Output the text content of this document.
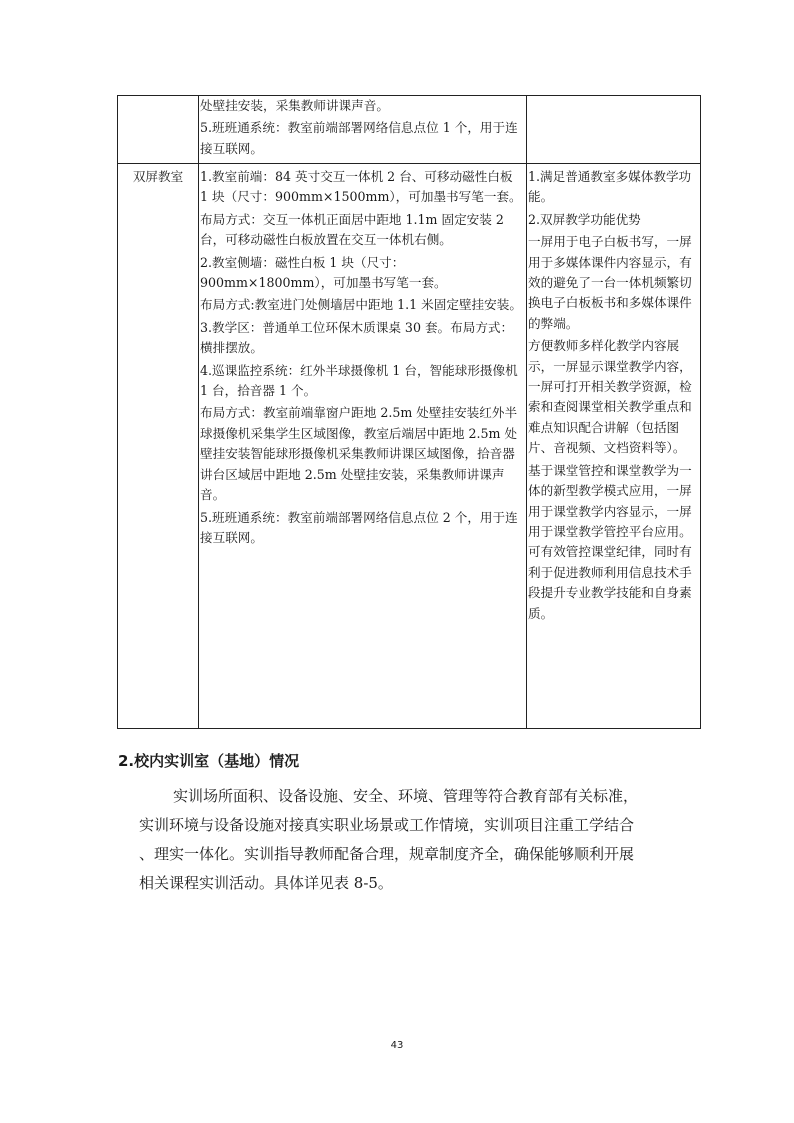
处壁挂安装，采集教师讲课声音。

5.班班通系统：教室前端部署网络信息点位 1 个，用于连接互联网。

双屏教室	1.教室前端：84 英寸交互一体机 2 台、可移动磁性白板 1 块（尺寸：900mm×1500mm），可加墨书写笔一套。

布局方式：交互一体机正面居中距地 1.1m 固定安装 2 台，可移动磁性白板放置在交互一体机右侧。

2.教室侧墙：磁性白板 1 块（尺寸：900mm×1800mm），可加墨书写笔一套。

布局方式:教室进门处侧墙居中距地 1.1 米固定壁挂安装。

3.教学区：普通单工位环保木质课桌 30 套。布局方式：横排摆放。

4.巡课监控系统：红外半球摄像机 1 台，智能球形摄像机 1 台，拾音器 1 个。

布局方式：教室前端靠窗户距地 2.5m 处壁挂安装红外半球摄像机采集学生区域图像，教室后端居中距地 2.5m 处壁挂安装智能球形摄像机采集教师讲课区域图像，拾音器讲台区域居中距地 2.5m 处壁挂安装，采集教师讲课声音。

5.班班通系统：教室前端部署网络信息点位 2 个，用于连接互联网。

1.满足普通教室多媒体教学功能。

2.双屏教学功能优势

一屏用于电子白板书写，一屏用于多媒体课件内容显示，有效的避免了一台一体机频繁切换电子白板板书和多媒体课件的弊端。

方便教师多样化教学内容展示，一屏显示课堂教学内容，一屏可打开相关教学资源，检索和查阅课堂相关教学重点和难点知识配合讲解（包括图片、音视频、文档资料等）。

基于课堂管控和课堂教学为一体的新型教学模式应用，一屏用于课堂教学内容显示，一屏用于课堂教学管控平台应用。可有效管控课堂纪律，同时有利于促进教师利用信息技术手段提升专业教学技能和自身素质。

2.校内实训室（基地）情况

实训场所面积、设备设施、安全、环境、管理等符合教育部有关标准，
实训环境与设备设施对接真实职业场景或工作情境，实训项目注重工学结合
、理实一体化。实训指导教师配备合理，规章制度齐全，确保能够顺利开展
相关课程实训活动。具体详见表 8-5。

43
